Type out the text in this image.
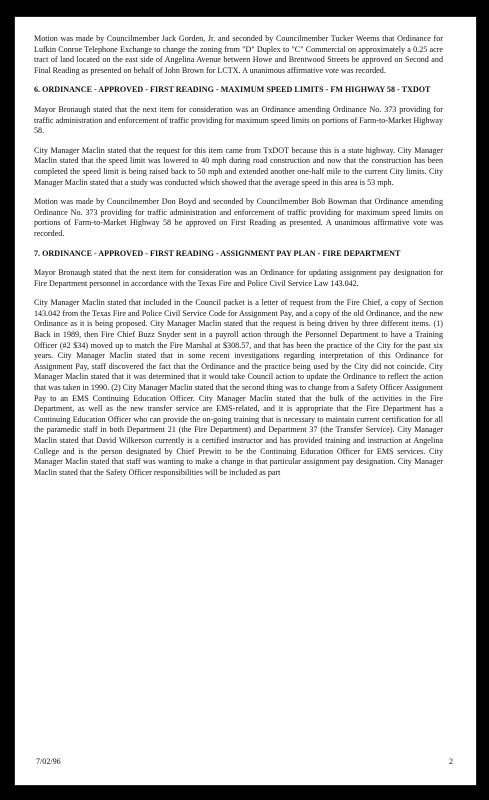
Motion was made by Councilmember Jack Gorden, Jr. and seconded by Councilmember Tucker Weems that Ordinance for Lufkin Conroe Telephone Exchange to change the zoning from "D" Duplex to "C" Commercial on approximately a 0.25 acre tract of land located on the east side of Angelina Avenue between Howe and Brentwood Streets be approved on Second and Final Reading as presented on behalf of John Brown for LCTX. A unanimous affirmative vote was recorded.

6. ORDINANCE - APPROVED - FIRST READING - MAXIMUM SPEED LIMITS - FM HIGHWAY 58 - TXDOT

Mayor Bronaugh stated that the next item for consideration was an Ordinance amending Ordinance No. 373 providing for traffic administration and enforcement of traffic providing for maximum speed limits on portions of Farm-to-Market Highway 58.

City Manager Maclin stated that the request for this item came from TxDOT because this is a state highway. City Manager Maclin stated that the speed limit was lowered to 40 mph during road construction and now that the construction has been completed the speed limit is being raised back to 50 mph and extended another one-half mile to the current City limits. City Manager Maclin stated that a study was conducted which showed that the average speed in this area is 53 mph.

Motion was made by Councilmember Don Boyd and seconded by Councilmember Bob Bowman that Ordinance amending Ordinance No. 373 providing for traffic administration and enforcement of traffic providing for maximum speed limits on portions of Farm-to-Market Highway 58 be approved on First Reading as presented. A unanimous affirmative vote was recorded.

7. ORDINANCE - APPROVED - FIRST READING - ASSIGNMENT PAY PLAN - FIRE DEPARTMENT

Mayor Bronaugh stated that the next item for consideration was an Ordinance for updating assignment pay designation for Fire Department personnel in accordance with the Texas Fire and Police Civil Service Law 143.042.

City Manager Maclin stated that included in the Council packet is a letter of request from the Fire Chief, a copy of Section 143.042 from the Texas Fire and Police Civil Service Code for Assignment Pay, and a copy of the old Ordinance, and the new Ordinance as it is being proposed. City Manager Maclin stated that the request is being driven by three different items. (1) Back in 1989, then Fire Chief Buzz Snyder sent in a payroll action through the Personnel Department to have a Training Officer (#2 $34) moved up to match the Fire Marshal at $308.57, and that has been the practice of the City for the past six years. City Manager Maclin stated that in some recent investigations regarding interpretation of this Ordinance for Assignment Pay, staff discovered the fact that the Ordinance and the practice being used by the City did not coincide. City Manager Maclin stated that it was determined that it would take Council action to update the Ordinance to reflect the action that was taken in 1990. (2) City Manager Maclin stated that the second thing was to change from a Safety Officer Assignment Pay to an EMS Continuing Education Officer. City Manager Maclin stated that the bulk of the activities in the Fire Department, as well as the new transfer service are EMS-related, and it is appropriate that the Fire Department has a Continuing Education Officer who can provide the on-going training that is necessary to maintain current certification for all the paramedic staff in both Department 21 (the Fire Department) and Department 37 (the Transfer Service). City Manager Maclin stated that David Wilkerson currently is a certified instructor and has provided training and instruction at Angelina College and is the person designated by Chief Prewitt to be the Continuing Education Officer for EMS services. City Manager Maclin stated that staff was wanting to make a change in that particular assignment pay designation. City Manager Maclin stated that the Safety Officer responsibilities will be included as part

7/02/96	2
